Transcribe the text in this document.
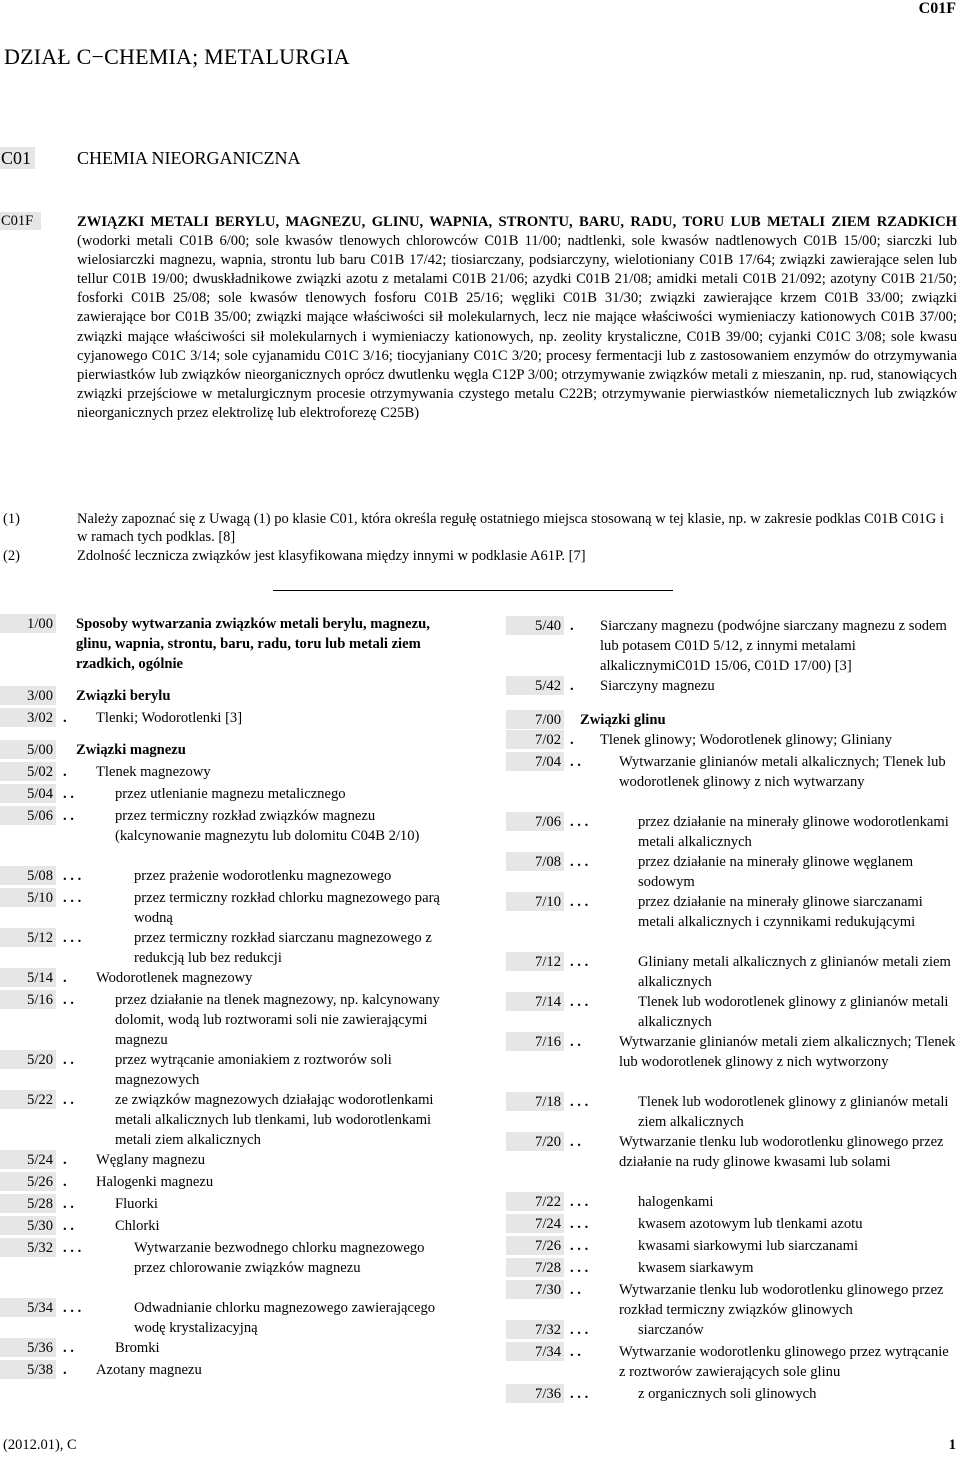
C01F
DZIAŁ C−CHEMIA; METALURGIA
C01	CHEMIA NIEORGANICZNA
C01F	ZWIĄZKI METALI BERYLU, MAGNEZU, GLINU, WAPNIA, STRONTU, BARU, RADU, TORU LUB METALI ZIEM RZADKICH (wodorki metali C01B 6/00; sole kwasów tlenowych chlorowców C01B 11/00; nadtlenki, sole kwasów nadtlenowych C01B 15/00; siarczki lub wielosiarczki magnezu, wapnia, strontu lub baru C01B 17/42; tiosiarczany, podsiarczyny, wielotioniany C01B 17/64; związki zawierające selen lub tellur C01B 19/00; dwuskładnikowe związki azotu z metalami C01B 21/06; azydki C01B 21/08; amidki metali C01B 21/092; azotyny C01B 21/50; fosforki C01B 25/08; sole kwasów tlenowych fosforu C01B 25/16; węgliki C01B 31/30; związki zawierające krzem C01B 33/00; związki zawierające bor C01B 35/00; związki mające właściwości sił molekularnych, lecz nie mające właściwości wymieniaczy kationowych C01B 37/00; związki mające właściwości sił molekularnych i wymieniaczy kationowych, np. zeolity krystaliczne, C01B 39/00; cyjanki C01C 3/08; sole kwasu cyjanowego C01C 3/14; sole cyjanamidu C01C 3/16; tiocyjaniany C01C 3/20; procesy fermentacji lub z zastosowaniem enzymów do otrzymywania pierwiastków lub związków nieorganicznych oprócz dwutlenku węgla C12P 3/00; otrzymywanie związków metali z mieszanin, np. rud, stanowiących związki przejściowe w metalurgicznym procesie otrzymywania czystego metalu C22B; otrzymywanie pierwiastków niemetalicznych lub związków nieorganicznych przez elektrolizę lub elektroforezę C25B)
(1)	Należy zapoznać się z Uwagą (1) po klasie C01, która określa regułę ostatniego miejsca stosowaną w tej klasie, np. w zakresie podklas C01B C01G i w ramach tych podklas. [8]
(2)	Zdolność lecznicza związków jest klasyfikowana między innymi w podklasie A61P. [7]
1/00 Sposoby wytwarzania związków metali berylu, magnezu, glinu, wapnia, strontu, baru, radu, toru lub metali ziem rzadkich, ogólnie
3/00 Związki berylu
3/02 . Tlenki; Wodorotlenki [3]
5/00 Związki magnezu
5/02 . Tlenek magnezowy
5/04 . .	przez utlenianie magnezu metalicznego
5/06 . .	przez termiczny rozkład związków magnezu (kalcynowanie magnezytu lub dolomitu C04B 2/10)
5/08 . . .	przez prażenie wodorotlenku magnezowego
5/10 . . .	przez termiczny rozkład chlorku magnezowego parą wodną
5/12 . . .	przez termiczny rozkład siarczanu magnezowego z redukcją lub bez redukcji
5/14 . Wodorotlenek magnezowy
5/16 . .	przez działanie na tlenek magnezowy, np. kalcynowany dolomit, wodą lub roztworami soli nie zawierającymi magnezu
5/20 . .	przez wytrącanie amoniakiem z roztworów soli magnezowych
5/22 . .	ze związków magnezowych działając wodorotlenkami metali alkalicznych lub tlenkami, lub wodorotlenkami metali ziem alkalicznych
5/24 . Węglany magnezu
5/26 . Halogenki magnezu
5/28 . .	Fluorki
5/30 . .	Chlorki
5/32 . . .	Wytwarzanie bezwodnego chlorku magnezowego przez chlorowanie związków magnezu
5/34 . . .	Odwadnianie chlorku magnezowego zawierającego wodę krystalizacyjną
5/36 . .	Bromki
5/38 . Azotany magnezu
5/40 . Siarczany magnezu (podwójne siarczany magnezu z sodem lub potasem C01D 5/12, z innymi metalami alkalicznymiC01D 15/06, C01D 17/00) [3]
5/42 . Siarczyny magnezu
7/00 Związki glinu
7/02 . Tlenek glinowy; Wodorotlenek glinowy; Gliniany
7/04 . .	Wytwarzanie glinianów metali alkalicznych; Tlenek lub wodorotlenek glinowy z nich wytwarzany
7/06 . . .	przez działanie na minerały glinowe wodorotlenkami metali alkalicznych
7/08 . . .	przez działanie na minerały glinowe węglanem sodowym
7/10 . . .	przez działanie na minerały glinowe siarczanami metali alkalicznych i czynnikami redukującymi
7/12 . . .	Gliniany metali alkalicznych z glinianów metali ziem alkalicznych
7/14 . . .	Tlenek lub wodorotlenek glinowy z glinianów metali alkalicznych
7/16 . .	Wytwarzanie glinianów metali ziem alkalicznych; Tlenek lub wodorotlenek glinowy z nich wytworzony
7/18 . . .	Tlenek lub wodorotlenek glinowy z glinianów metali ziem alkalicznych
7/20 . .	Wytwarzanie tlenku lub wodorotlenku glinowego przez działanie na rudy glinowe kwasami lub solami
7/22 . . .	halogenkami
7/24 . . .	kwasem azotowym lub tlenkami azotu
7/26 . . .	kwasami siarkowymi lub siarczanami
7/28 . . .	kwasem siarkawym
7/30 . .	Wytwarzanie tlenku lub wodorotlenku glinowego przez rozkład termiczny związków glinowych
7/32 . . .	siarczanów
7/34 . .	Wytwarzanie wodorotlenku glinowego przez wytrącanie z roztworów zawierających sole glinu
7/36 . . .	z organicznych soli glinowych
(2012.01), C	1
